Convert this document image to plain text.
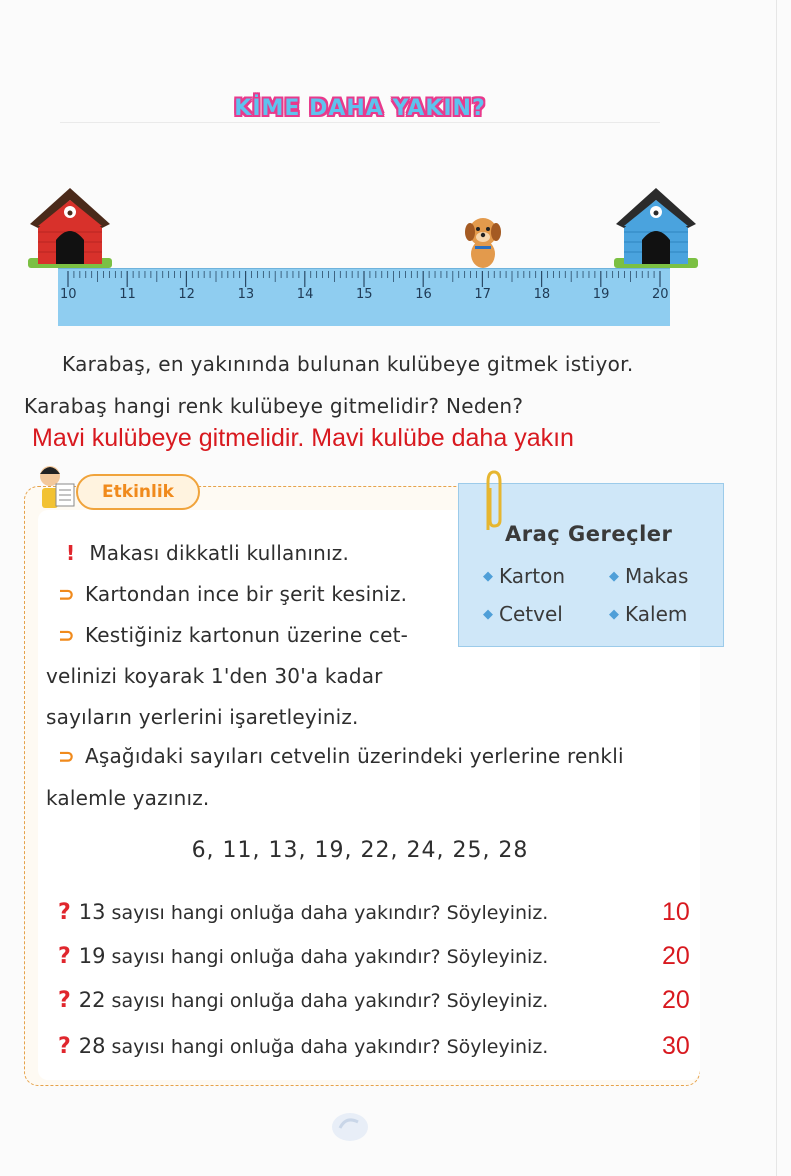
KİME DAHA YAKIN?
10	11	12	13	14	15	16	17	18	19	20
Karabaş, en yakınında bulunan kulübeye gitmek istiyor.
Karabaş hangi renk kulübeye gitmelidir? Neden?
Mavi kulübeye gitmelidir. Mavi kulübe daha yakın
Etkinlik
Araç Gereçler
◆ Karton	◆ Makas
◆ Cetvel	◆ Kalem
! Makası dikkatli kullanınız.
⊃ Kartondan ince bir şerit kesiniz.
⊃ Kestiğiniz kartonun üzerine cet-
velinizi koyarak 1'den 30'a kadar
sayıların yerlerini işaretleyiniz.
⊃ Aşağıdaki sayıları cetvelin üzerindeki yerlerine renkli
kalemle yazınız.
6, 11, 13, 19, 22, 24, 25, 28
? 13 sayısı hangi onluğa daha yakındır? Söyleyiniz.	10
? 19 sayısı hangi onluğa daha yakındır? Söyleyiniz.	20
? 22 sayısı hangi onluğa daha yakındır? Söyleyiniz.	20
? 28 sayısı hangi onluğa daha yakındır? Söyleyiniz.	30
